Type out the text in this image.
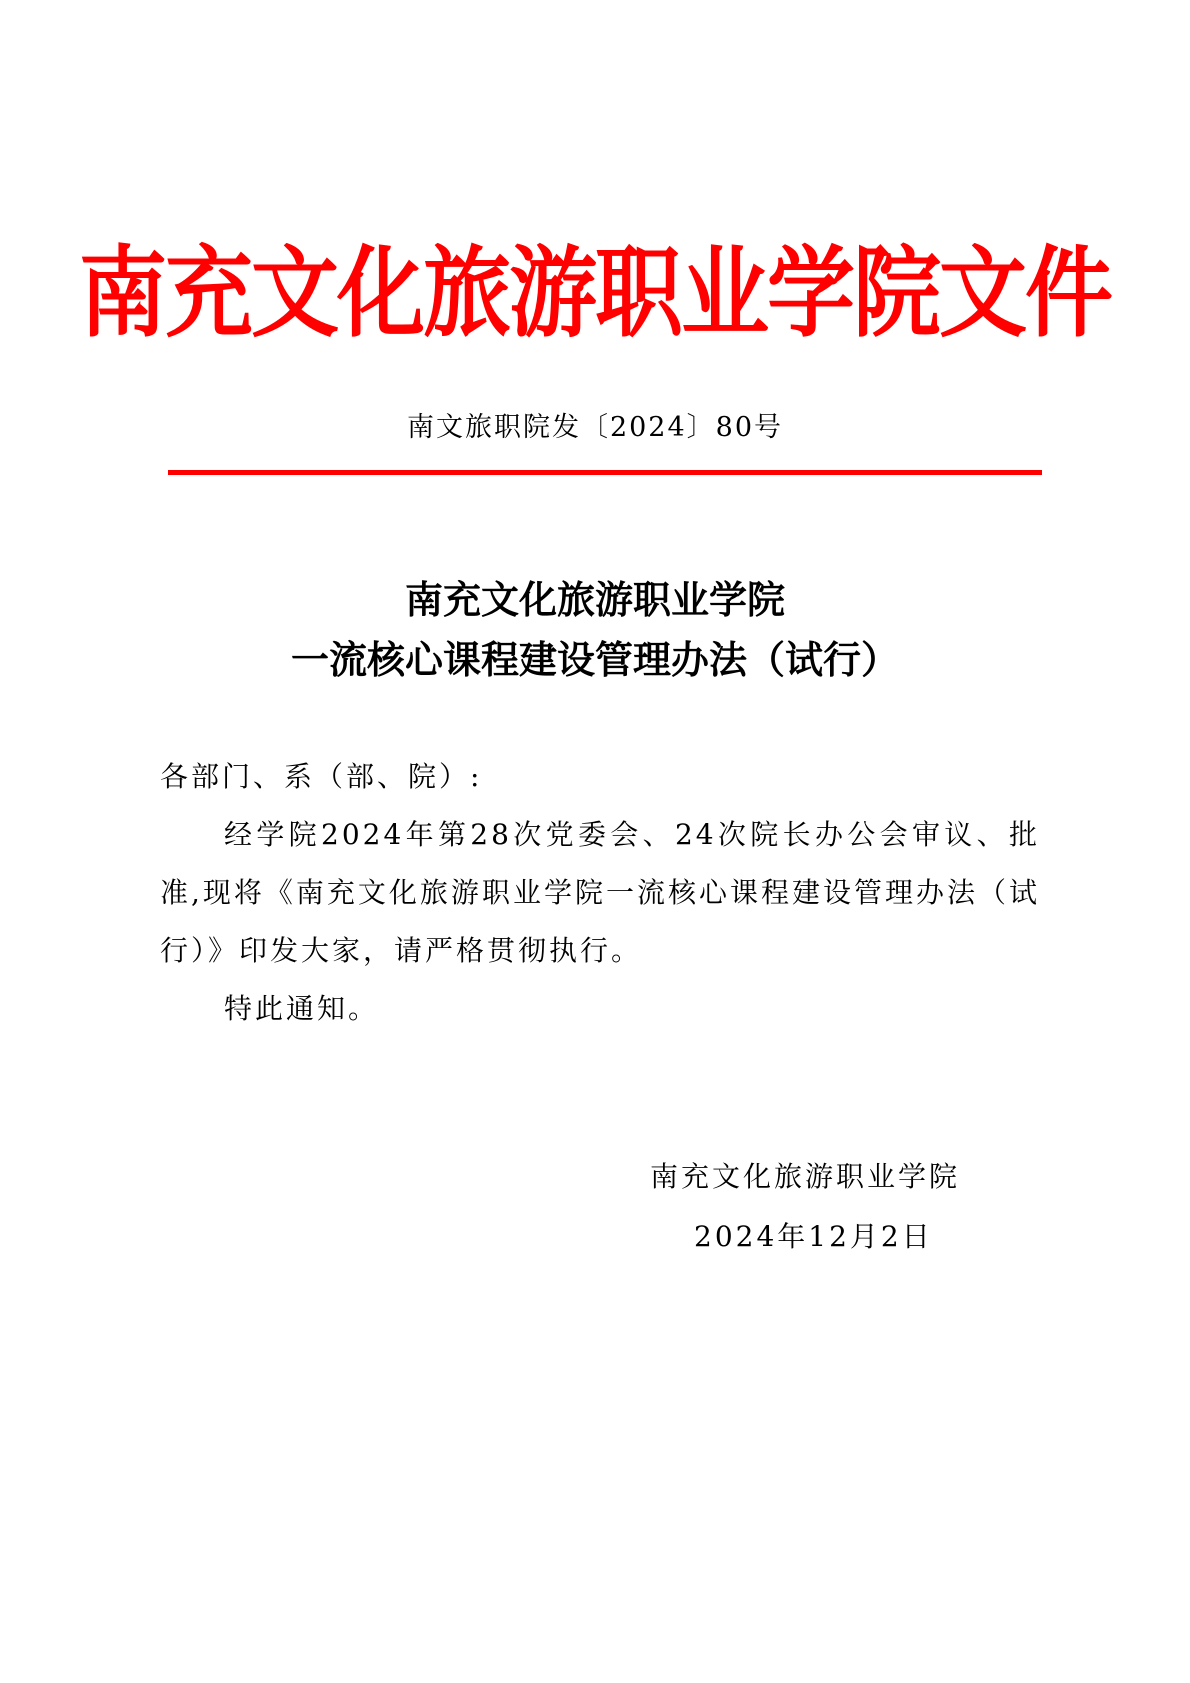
南充文化旅游职业学院文件
南文旅职院发〔2024〕80号
南充文化旅游职业学院
一流核心课程建设管理办法（试行）
各部门、系（部、院）:
经学院2024年第28次党委会、24次院长办公会审议、批准,现将《南充文化旅游职业学院一流核心课程建设管理办法（试行）》印发大家，请严格贯彻执行。
特此通知。
南充文化旅游职业学院
2024年12月2日
